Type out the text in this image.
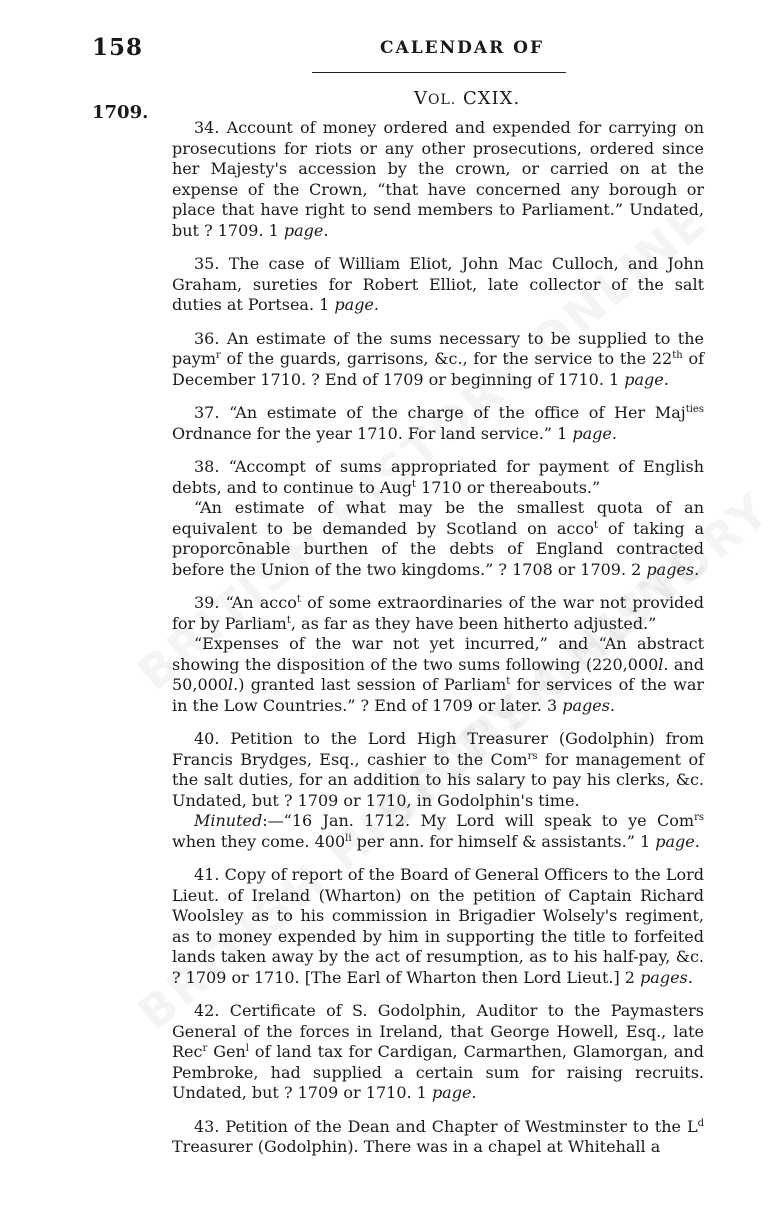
158	CALENDAR OF
1709.
VOL. CXIX.

34. Account of money ordered and expended for carrying on prosecutions for riots or any other prosecutions, ordered since her Majesty's accession by the crown, or carried on at the expense of the Crown, “that have concerned any borough or place that have right to send members to Parliament.” Undated, but ? 1709. 1 page.

35. The case of William Eliot, John Mac Culloch, and John Graham, sureties for Robert Elliot, late collector of the salt duties at Portsea. 1 page.

36. An estimate of the sums necessary to be supplied to the paym$^r$ of the guards, garrisons, &c., for the service to the 22th of December 1710. ? End of 1709 or beginning of 1710. 1 page.

37. “An estimate of the charge of the office of Her Maj$^{ties}$ Ordnance for the year 1710. For land service.” 1 page.

38. “Accompt of sums appropriated for payment of English debts, and to continue to Aug$^t$ 1710 or thereabouts.”

“An estimate of what may be the smallest quota of an equivalent to be demanded by Scotland on acco$^t$ of taking a proporcōnable burthen of the debts of England contracted before the Union of the two kingdoms.” ? 1708 or 1709. 2 pages.

39. “An acco$^t$ of some extraordinaries of the war not provided for by Parliam$^t$, as far as they have been hitherto adjusted.”

“Expenses of the war not yet incurred,” and “An abstract showing the disposition of the two sums following (220,000l. and 50,000l.) granted last session of Parliam$^t$ for services of the war in the Low Countries.” ? End of 1709 or later. 3 pages.

40. Petition to the Lord High Treasurer (Godolphin) from Francis Brydges, Esq., cashier to the Com$^{rs}$ for management of the salt duties, for an addition to his salary to pay his clerks, &c. Undated, but ? 1709 or 1710, in Godolphin's time.

Minuted:—“16 Jan. 1712. My Lord will speak to ye Com$^{rs}$ when they come. $400^{li}$ per ann. for himself & assistants.” 1 page.

41. Copy of report of the Board of General Officers to the Lord Lieut. of Ireland (Wharton) on the petition of Captain Richard Woolsley as to his commission in Brigadier Wolsely's regiment, as to money expended by him in supporting the title to forfeited lands taken away by the act of resumption, as to his half-pay, &c. ? 1709 or 1710. [The Earl of Wharton then Lord Lieut.] 2 pages.

42. Certificate of S. Godolphin, Auditor to the Paymasters General of the forces in Ireland, that George Howell, Esq., late Rec$^r$ Gen$^l$ of land tax for Cardigan, Carmarthen, Glamorgan, and Pembroke, had supplied a certain sum for raising recruits. Undated, but ? 1709 or 1710. 1 page.

43. Petition of the Dean and Chapter of Westminster to the $L^d$ Treasurer (Godolphin). There was in a chapel at Whitehall a
